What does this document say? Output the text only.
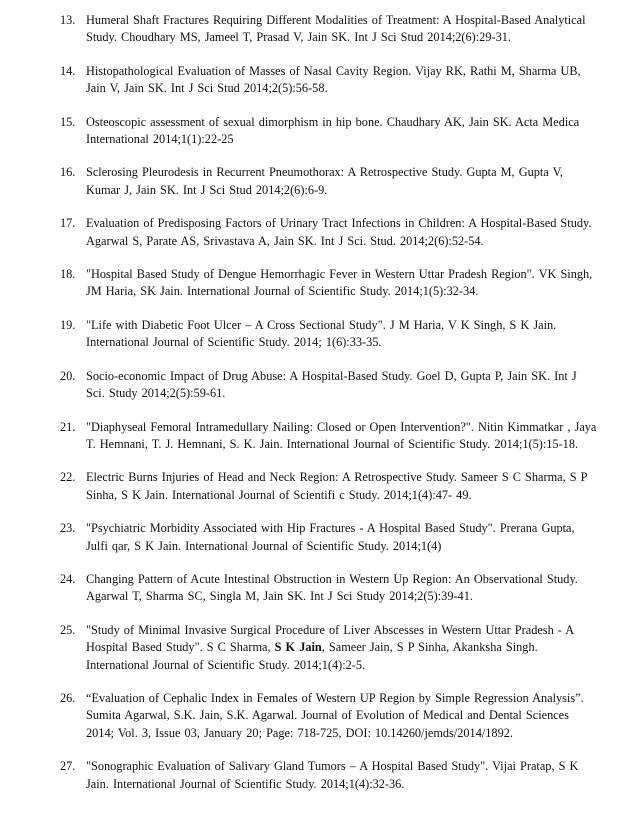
13. Humeral Shaft Fractures Requiring Different Modalities of Treatment: A Hospital-Based Analytical Study. Choudhary MS, Jameel T, Prasad V, Jain SK. Int J Sci Stud 2014;2(6):29-31.
14. Histopathological Evaluation of Masses of Nasal Cavity Region. Vijay RK, Rathi M, Sharma UB, Jain V, Jain SK. Int J Sci Stud 2014;2(5):56-58.
15. Osteoscopic assessment of sexual dimorphism in hip bone. Chaudhary AK, Jain SK. Acta Medica International 2014;1(1):22-25
16. Sclerosing Pleurodesis in Recurrent Pneumothorax: A Retrospective Study. Gupta M, Gupta V, Kumar J, Jain SK. Int J Sci Stud 2014;2(6):6-9.
17. Evaluation of Predisposing Factors of Urinary Tract Infections in Children: A Hospital-Based Study. Agarwal S, Parate AS, Srivastava A, Jain SK. Int J Sci. Stud. 2014;2(6):52-54.
18. "Hospital Based Study of Dengue Hemorrhagic Fever in Western Uttar Pradesh Region". VK Singh, JM Haria, SK Jain. International Journal of Scientific Study. 2014;1(5):32-34.
19. "Life with Diabetic Foot Ulcer – A Cross Sectional Study". J M Haria, V K Singh, S K Jain. International Journal of Scientific Study. 2014; 1(6):33-35.
20. Socio-economic Impact of Drug Abuse: A Hospital-Based Study. Goel D, Gupta P, Jain SK. Int J Sci. Study 2014;2(5):59-61.
21. "Diaphyseal Femoral Intramedullary Nailing: Closed or Open Intervention?". Nitin Kimmatkar , Jaya T. Hemnani, T. J. Hemnani, S. K. Jain. International Journal of Scientific Study. 2014;1(5):15-18.
22. Electric Burns Injuries of Head and Neck Region: A Retrospective Study. Sameer S C Sharma, S P Sinha, S K Jain. International Journal of Scientifi c Study. 2014;1(4):47- 49.
23. "Psychiatric Morbidity Associated with Hip Fractures - A Hospital Based Study". Prerana Gupta, Julfi qar, S K Jain. International Journal of Scientific Study. 2014;1(4)
24. Changing Pattern of Acute Intestinal Obstruction in Western Up Region: An Observational Study. Agarwal T, Sharma SC, Singla M, Jain SK. Int J Sci Study 2014;2(5):39-41.
25. "Study of Minimal Invasive Surgical Procedure of Liver Abscesses in Western Uttar Pradesh - A Hospital Based Study". S C Sharma, S K Jain, Sameer Jain, S P Sinha, Akanksha Singh. International Journal of Scientific Study. 2014;1(4):2-5.
26. “Evaluation of Cephalic Index in Females of Western UP Region by Simple Regression Analysis”. Sumita Agarwal, S.K. Jain, S.K. Agarwal. Journal of Evolution of Medical and Dental Sciences 2014; Vol. 3, Issue 03, January 20; Page: 718-725, DOI: 10.14260/jemds/2014/1892.
27. "Sonographic Evaluation of Salivary Gland Tumors – A Hospital Based Study". Vijai Pratap, S K Jain. International Journal of Scientific Study. 2014;1(4):32-36.
